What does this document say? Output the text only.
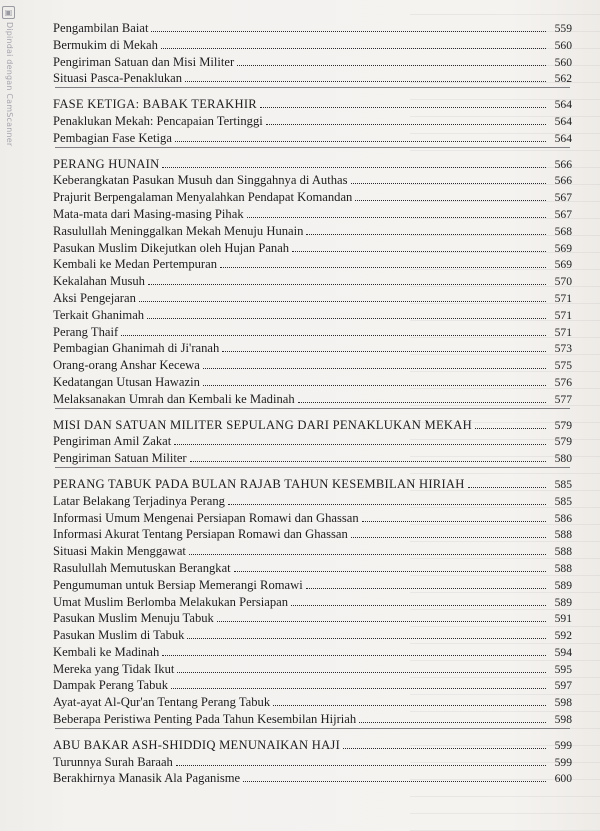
▣
Dipindai dengan CamScanner	Pengambilan Baiat	559
Bermukim di Mekah	560
Pengiriman Satuan dan Misi Militer	560
Situasi Pasca-Penaklukan	562
FASE KETIGA: BABAK TERAKHIR	564
Penaklukan Mekah: Pencapaian Tertinggi	564
Pembagian Fase Ketiga	564
PERANG HUNAIN	566
Keberangkatan Pasukan Musuh dan Singgahnya di Authas	566
Prajurit Berpengalaman Menyalahkan Pendapat Komandan	567
Mata-mata dari Masing-masing Pihak	567
Rasulullah Meninggalkan Mekah Menuju Hunain	568
Pasukan Muslim Dikejutkan oleh Hujan Panah	569
Kembali ke Medan Pertempuran	569
Kekalahan Musuh	570
Aksi Pengejaran	571
Terkait Ghanimah	571
Perang Thaif	571
Pembagian Ghanimah di Ji'ranah	573
Orang-orang Anshar Kecewa	575
Kedatangan Utusan Hawazin	576
Melaksanakan Umrah dan Kembali ke Madinah	577
MISI DAN SATUAN MILITER SEPULANG DARI PENAKLUKAN MEKAH	579
Pengiriman Amil Zakat	579
Pengiriman Satuan Militer	580
PERANG TABUK PADA BULAN RAJAB TAHUN KESEMBILAN HIRIAH	585
Latar Belakang Terjadinya Perang	585
Informasi Umum Mengenai Persiapan Romawi dan Ghassan	586
Informasi Akurat Tentang Persiapan Romawi dan Ghassan	588
Situasi Makin Menggawat	588
Rasulullah Memutuskan Berangkat	588
Pengumuman untuk Bersiap Memerangi Romawi	589
Umat Muslim Berlomba Melakukan Persiapan	589
Pasukan Muslim Menuju Tabuk	591
Pasukan Muslim di Tabuk	592
Kembali ke Madinah	594
Mereka yang Tidak Ikut	595
Dampak Perang Tabuk	597
Ayat-ayat Al-Qur'an Tentang Perang Tabuk	598
Beberapa Peristiwa Penting Pada Tahun Kesembilan Hijriah	598
ABU BAKAR ASH-SHIDDIQ MENUNAIKAN HAJI	599
Turunnya Surah Baraah	599
Berakhirnya Manasik Ala Paganisme	600
